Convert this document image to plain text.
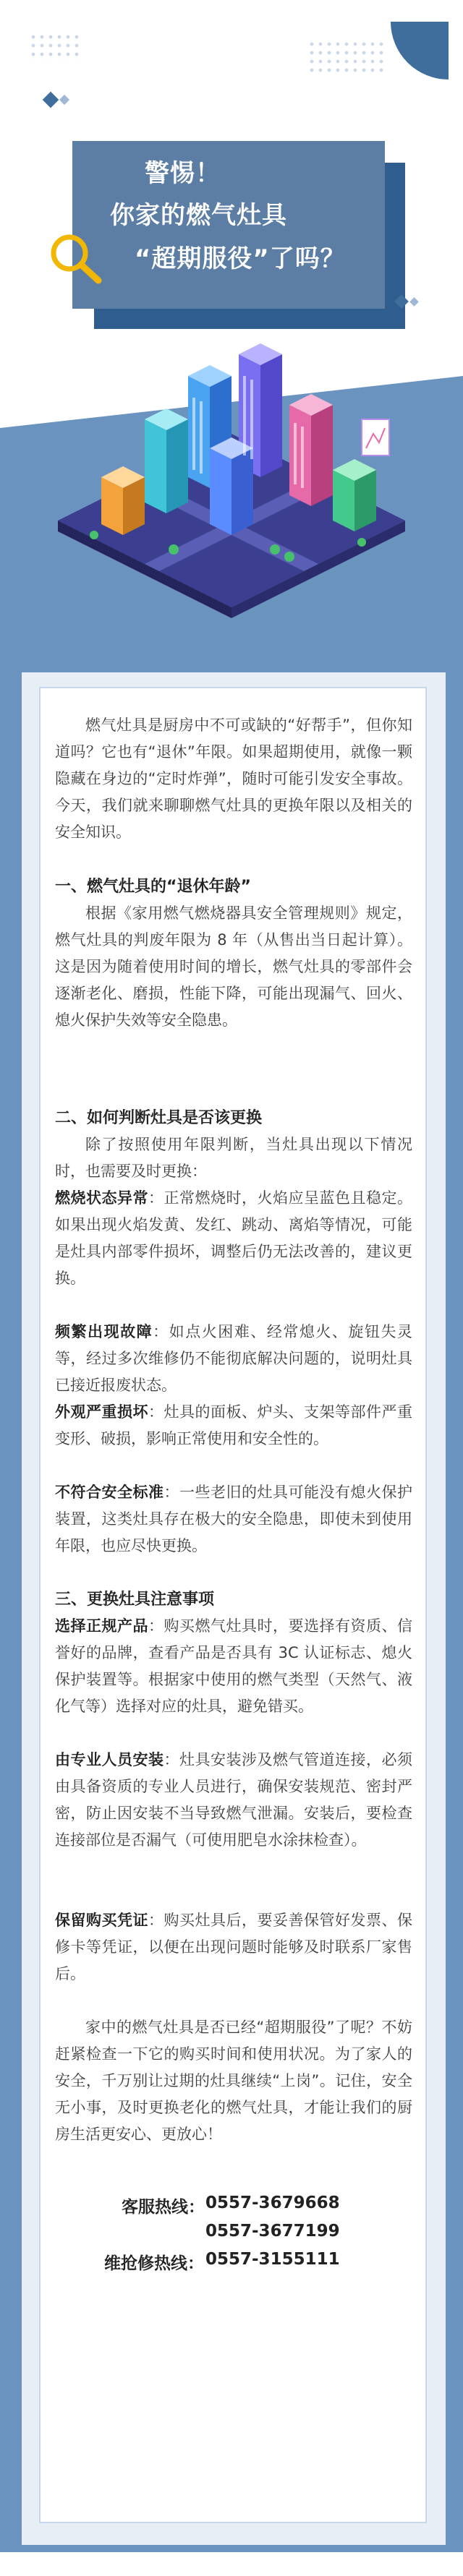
警惕！
你家的燃气灶具
“超期服役”了吗？
燃气灶具是厨房中不可或缺的“好帮手”，但你知道吗？它也有“退休”年限。如果超期使用，就像一颗隐藏在身边的“定时炸弹”，随时可能引发安全事故。今天，我们就来聊聊燃气灶具的更换年限以及相关的安全知识。
一、燃气灶具的“退休年龄”
根据《家用燃气燃烧器具安全管理规则》规定，燃气灶具的判废年限为 8 年（从售出当日起计算）。这是因为随着使用时间的增长，燃气灶具的零部件会逐渐老化、磨损，性能下降，可能出现漏气、回火、熄火保护失效等安全隐患。
二、如何判断灶具是否该更换
除了按照使用年限判断，当灶具出现以下情况时，也需要及时更换：
燃烧状态异常：正常燃烧时，火焰应呈蓝色且稳定。如果出现火焰发黄、发红、跳动、离焰等情况，可能是灶具内部零件损坏，调整后仍无法改善的，建议更换。
频繁出现故障：如点火困难、经常熄火、旋钮失灵等，经过多次维修仍不能彻底解决问题的，说明灶具已接近报废状态。
外观严重损坏：灶具的面板、炉头、支架等部件严重变形、破损，影响正常使用和安全性的。
不符合安全标准：一些老旧的灶具可能没有熄火保护装置，这类灶具存在极大的安全隐患，即使未到使用年限，也应尽快更换。
三、更换灶具注意事项
选择正规产品：购买燃气灶具时，要选择有资质、信誉好的品牌，查看产品是否具有 3C 认证标志、熄火保护装置等。根据家中使用的燃气类型（天然气、液化气等）选择对应的灶具，避免错买。
由专业人员安装：灶具安装涉及燃气管道连接，必须由具备资质的专业人员进行，确保安装规范、密封严密，防止因安装不当导致燃气泄漏。安装后，要检查连接部位是否漏气（可使用肥皂水涂抹检查）。
保留购买凭证：购买灶具后，要妥善保管好发票、保修卡等凭证，以便在出现问题时能够及时联系厂家售后。
家中的燃气灶具是否已经“超期服役”了呢？不妨赶紧检查一下它的购买时间和使用状况。为了家人的安全，千万别让过期的灶具继续“上岗”。记住，安全无小事，及时更换老化的燃气灶具，才能让我们的厨房生活更安心、更放心！
客服热线： 0557-3679668
0557-3677199
维抢修热线： 0557-3155111
